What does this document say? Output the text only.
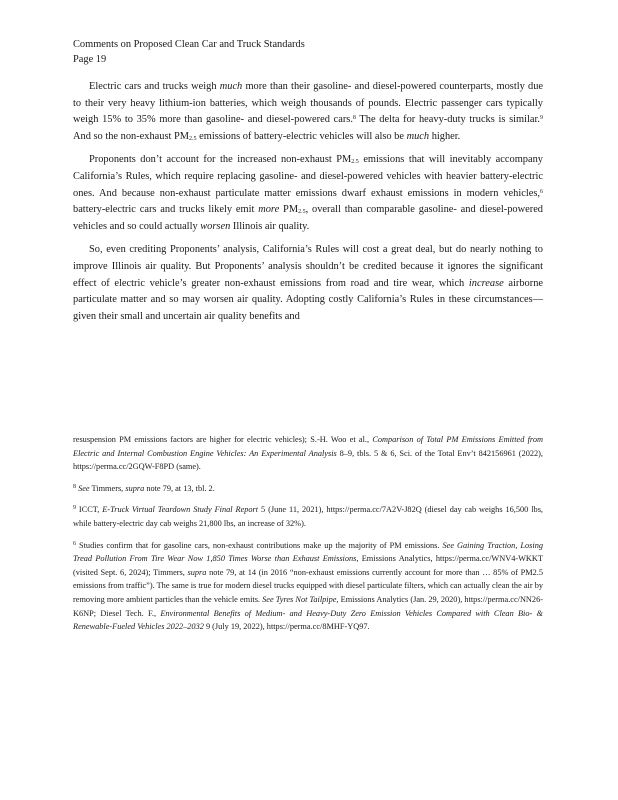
Comments on Proposed Clean Car and Truck Standards
Page 19

Electric cars and trucks weigh much more than their gasoline- and diesel-powered counterparts, mostly due to their very heavy lithium-ion batteries, which weigh thousands of pounds. Electric passenger cars typically weigh 15% to 35% more than gasoline- and diesel-powered cars.$^8$ The delta for heavy-duty trucks is similar.$^9$ And so the non-exhaust $PM_{2.5}$ emissions of battery-electric vehicles will also be much higher.

Proponents don’t account for the increased non-exhaust $PM_{2.5}$ emissions that will inevitably accompany California’s Rules, which require replacing gasoline- and diesel-powered vehicles with heavier battery-electric ones. And because non-exhaust particulate matter emissions dwarf exhaust emissions in modern vehicles,$^6$ battery-electric cars and trucks likely emit more $PM_{2.5}$, overall than comparable gasoline- and diesel-powered vehicles and so could actually worsen Illinois air quality.

So, even crediting Proponents’ analysis, California’s Rules will cost a great deal, but do nearly nothing to improve Illinois air quality. But Proponents’ analysis shouldn’t be credited because it ignores the significant effect of electric vehicle’s greater non-exhaust emissions from road and tire wear, which increase airborne particulate matter and so may worsen air quality. Adopting costly California’s Rules in these circumstances—given their small and uncertain air quality benefits and

resuspension PM emissions factors are higher for electric vehicles); S.-H. Woo et al., Comparison of Total PM Emissions Emitted from Electric and Internal Combustion Engine Vehicles: An Experimental Analysis 8–9, tbls. 5 & 6, Sci. of the Total Env’t 842156961 (2022), https://perma.cc/2GQW-F8PD (same).
$^8$ See Timmers, supra note 79, at 13, tbl. 2.
$^9$ ICCT, E-Truck Virtual Teardown Study Final Report 5 (June 11, 2021), https://perma.cc/7A2V-J82Q (diesel day cab weighs 16,500 lbs, while battery-electric day cab weighs 21,800 lbs, an increase of 32%).
$^6$ Studies confirm that for gasoline cars, non-exhaust contributions make up the majority of PM emissions. See Gaining Traction, Losing Tread Pollution From Tire Wear Now 1,850 Times Worse than Exhaust Emissions, Emissions Analytics, https://perma.cc/WNV4-WKKT (visited Sept. 6, 2024); Timmers, supra note 79, at 14 (in 2016 “non-exhaust emissions currently account for more than … 85% of PM2.5 emissions from traffic”). The same is true for modern diesel trucks equipped with diesel particulate filters, which can actually clean the air by removing more ambient particles than the vehicle emits. See Tyres Not Tailpipe, Emissions Analytics (Jan. 29, 2020), https://perma.cc/NN26-K6NP; Diesel Tech. F., Environmental Benefits of Medium- and Heavy-Duty Zero Emission Vehicles Compared with Clean Bio- & Renewable-Fueled Vehicles 2022–2032 9 (July 19, 2022), https://perma.cc/8MHF-YQ97.
